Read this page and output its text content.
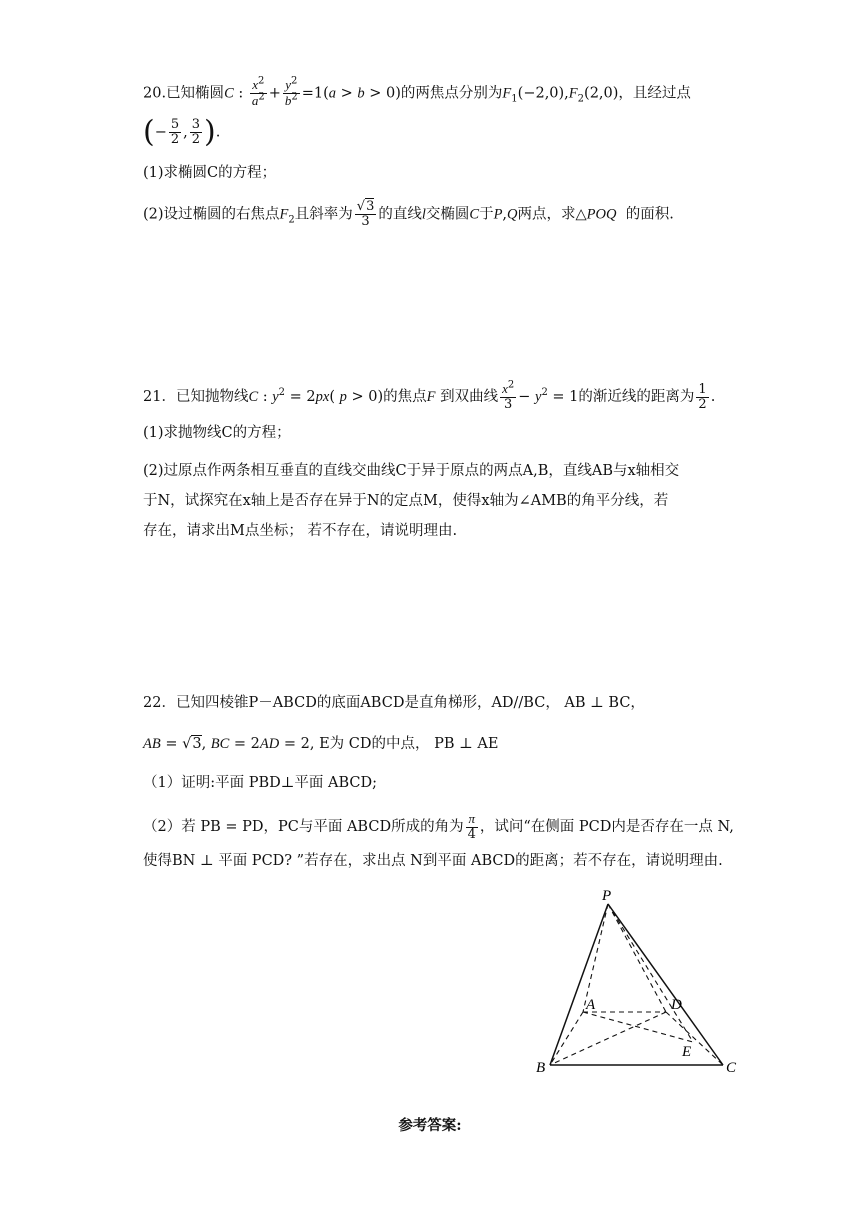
20.已知椭圆C : $\frac{x^2}{a^2} + \frac{y^2}{b^2} =1(a > b > 0)$的两焦点分别为$F_1(-2,0),F_2(2,0)$，且经过点
(− $\frac{5}{2}$ , $\frac{3}{2}$ ).
(1)求椭圆C的方程；
(2)设过椭圆的右焦点$F_2$且斜率为 $\frac{√3}{3}$ 的直线l交椭圆C于P,Q两点，求△POQ 的面积.
21．已知抛物线C : $y^2 = 2px$( p > 0)的焦点F 到双曲线 $\frac{x^2}{3} - y^2 = 1$的渐近线的距离为 $\frac{1}{2}$ .
(1)求抛物线C的方程；
(2)过原点作两条相互垂直的直线交曲线C于异于原点的两点A,B，直线AB与x轴相交
于N，试探究在x轴上是否存在异于N的定点M，使得x轴为∠AMB的角平分线，若
存在，请求出M点坐标； 若不存在，请说明理由.
22．已知四棱锥P－ABCD的底面ABCD是直角梯形，AD//BC， AB ⊥ BC，
AB = √3, BC = 2AD = 2, E为 CD的中点， PB ⊥ AE
（1）证明:平面 PBD⊥平面 ABCD;
（2）若 PB = PD，PC与平面 ABCD所成的角为 $\frac{\pi}{4}$ ，试问“在侧面 PCD内是否存在一点 N,
使得BN ⊥ 平面 PCD? ”若存在，求出点 N到平面 ABCD的距离；若不存在，请说明理由.
P
A	D
B	C
E
参考答案:
